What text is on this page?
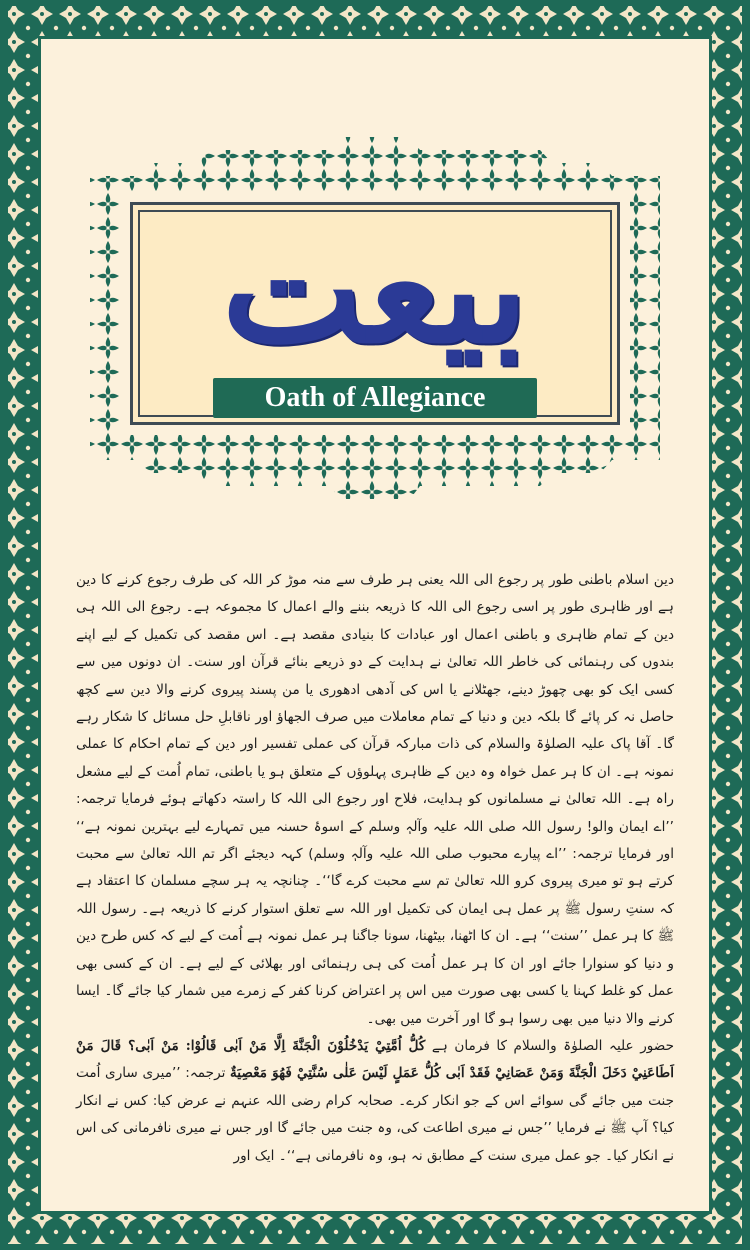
بیعت
Oath of Allegiance

دین اسلام باطنی طور پر رجوع الی اللہ یعنی ہر طرف سے منہ موڑ کر اللہ کی طرف رجوع کرنے کا دین ہے اور ظاہری طور پر اسی رجوع الی اللہ کا ذریعہ بننے والے اعمال کا مجموعہ ہے۔ رجوع الی اللہ ہی دین کے تمام ظاہری و باطنی اعمال اور عبادات کا بنیادی مقصد ہے۔ اس مقصد کی تکمیل کے لیے اپنے بندوں کی رہنمائی کی خاطر اللہ تعالیٰ نے ہدایت کے دو ذریعے بنائے قرآن اور سنت۔ ان دونوں میں سے کسی ایک کو بھی چھوڑ دینے، جھٹلانے یا اس کی آدھی ادھوری یا من پسند پیروی کرنے والا دین سے کچھ حاصل نہ کر پائے گا بلکہ دین و دنیا کے تمام معاملات میں صرف الجھاؤ اور ناقابلِ حل مسائل کا شکار رہے گا۔ آقا پاک علیہ الصلوٰۃ والسلام کی ذات مبارکہ قرآن کی عملی تفسیر اور دین کے تمام احکام کا عملی نمونہ ہے۔ ان کا ہر عمل خواہ وہ دین کے ظاہری پہلوؤں کے متعلق ہو یا باطنی، تمام اُمت کے لیے مشعل راہ ہے۔ اللہ تعالیٰ نے مسلمانوں کو ہدایت، فلاح اور رجوع الی اللہ کا راستہ دکھاتے ہوئے فرمایا ترجمہ: ’’اے ایمان والو! رسول اللہ صلی اللہ علیہ وآلہٖ وسلم کے اسوۂ حسنہ میں تمہارے لیے بہترین نمونہ ہے‘‘ اور فرمایا ترجمہ: ’’اے پیارے محبوب صلی اللہ علیہ وآلہٖ وسلم) کہہ دیجئے اگر تم اللہ تعالیٰ سے محبت کرتے ہو تو میری پیروی کرو اللہ تعالیٰ تم سے محبت کرے گا‘‘۔ چنانچہ یہ ہر سچے مسلمان کا اعتقاد ہے کہ سنتِ رسول ﷺ پر عمل ہی ایمان کی تکمیل اور اللہ سے تعلق استوار کرنے کا ذریعہ ہے۔ رسول اللہ ﷺ کا ہر عمل ’’سنت‘‘ ہے۔ ان کا اٹھنا، بیٹھنا، سونا جاگنا ہر عمل نمونہ ہے اُمت کے لیے کہ کس طرح دین و دنیا کو سنوارا جائے اور ان کا ہر عمل اُمت کی ہی رہنمائی اور بھلائی کے لیے ہے۔ ان کے کسی بھی عمل کو غلط کہنا یا کسی بھی صورت میں اس پر اعتراض کرنا کفر کے زمرے میں شمار کیا جائے گا۔ ایسا کرنے والا دنیا میں بھی رسوا ہو گا اور آخرت میں بھی۔

حضور علیہ الصلوٰۃ والسلام کا فرمان ہے كُلُّ اُمَّتِيْ يَدْخُلُوْنَ الْجَنَّةَ اِلَّا مَنْ اَبٰى قَالُوْا: مَنْ اَبٰى؟ قَالَ مَنْ اَطَاعَنِيْ دَخَلَ الْجَنَّةَ وَمَنْ عَصَانِيْ فَقَدْ اَبٰى كُلُّ عَمَلٍ لَيْسَ عَلٰى سُنَّتِيْ فَهُوَ مَعْصِيَةٌ ترجمہ: ’’میری ساری اُمت جنت میں جائے گی سوائے اس کے جو انکار کرے۔ صحابہ کرام رضی اللہ عنہم نے عرض کیا: کس نے انکار کیا؟ آپ ﷺ نے فرمایا ’’جس نے میری اطاعت کی، وہ جنت میں جائے گا اور جس نے میری نافرمانی کی اس نے انکار کیا۔ جو عمل میری سنت کے مطابق نہ ہو، وہ نافرمانی ہے‘‘۔ ایک اور
